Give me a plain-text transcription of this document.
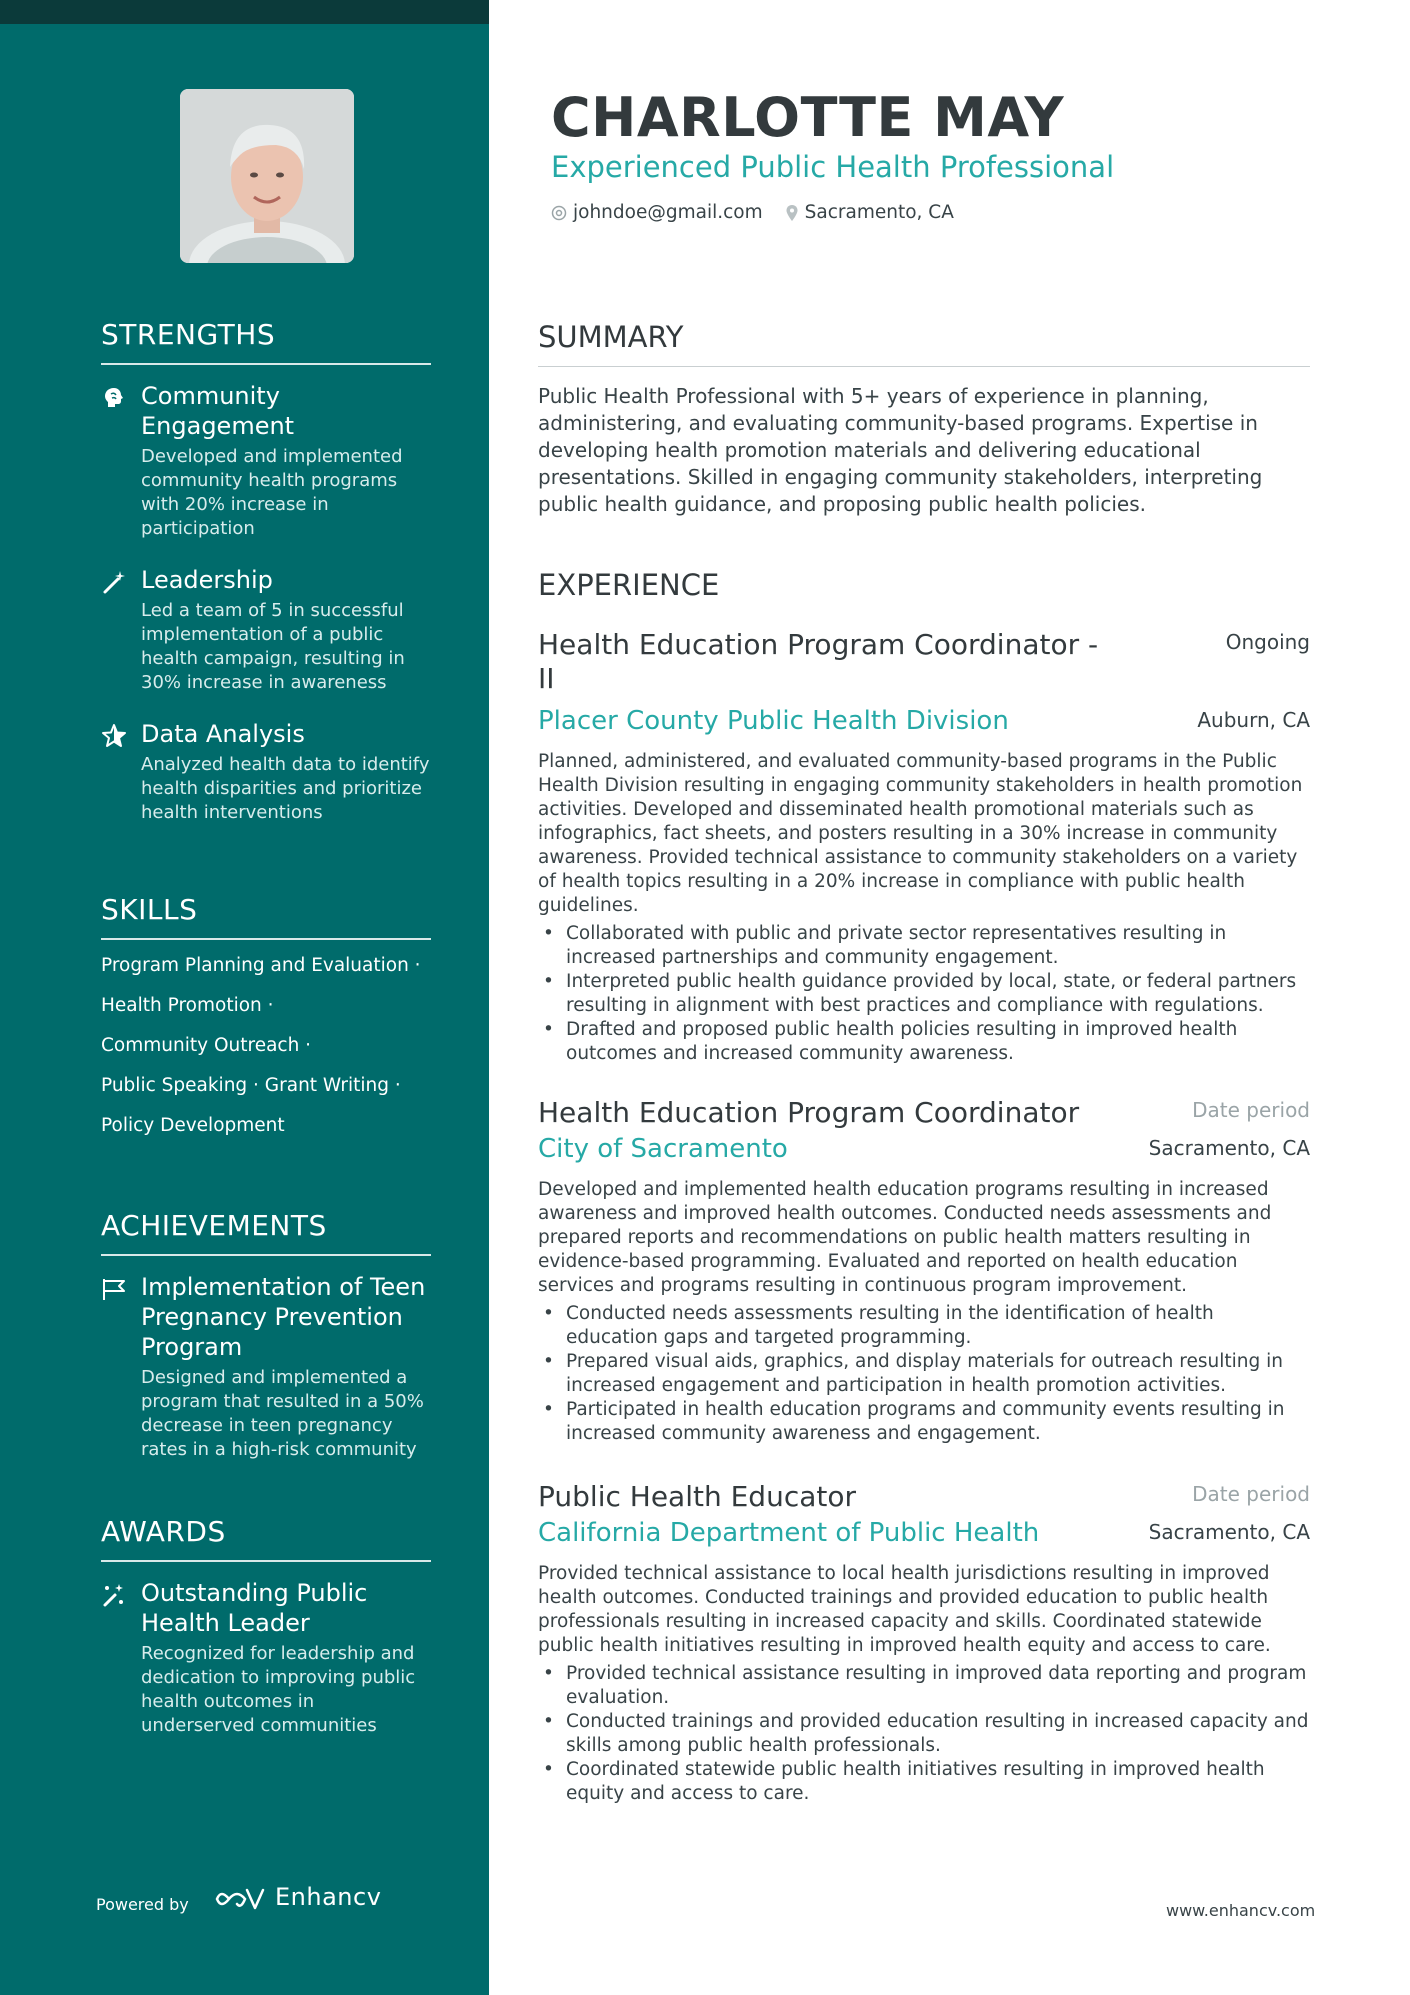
STRENGTHS
Community Engagement
Developed and implemented community health programs with 20% increase in participation
Leadership
Led a team of 5 in successful implementation of a public health campaign, resulting in 30% increase in awareness
Data Analysis
Analyzed health data to identify health disparities and prioritize health interventions
SKILLS
Program Planning and Evaluation ·
Health Promotion ·
Community Outreach ·
Public Speaking · Grant Writing ·
Policy Development
ACHIEVEMENTS
Implementation of Teen Pregnancy Prevention Program
Designed and implemented a program that resulted in a 50% decrease in teen pregnancy rates in a high-risk community
AWARDS
Outstanding Public Health Leader
Recognized for leadership and dedication to improving public health outcomes in underserved communities
Powered by	Enhancv
CHARLOTTE MAY
Experienced Public Health Professional
johndoe@gmail.com Sacramento, CA
SUMMARY
Public Health Professional with 5+ years of experience in planning, administering, and evaluating community-based programs. Expertise in developing health promotion materials and delivering educational presentations. Skilled in engaging community stakeholders, interpreting public health guidance, and proposing public health policies.
EXPERIENCE
Health Education Program Coordinator - II
Ongoing
Placer County Public Health Division	Auburn, CA
Planned, administered, and evaluated community-based programs in the Public Health Division resulting in engaging community stakeholders in health promotion activities. Developed and disseminated health promotional materials such as infographics, fact sheets, and posters resulting in a 30% increase in community awareness. Provided technical assistance to community stakeholders on a variety of health topics resulting in a 20% increase in compliance with public health guidelines.
• Collaborated with public and private sector representatives resulting in increased partnerships and community engagement.
• Interpreted public health guidance provided by local, state, or federal partners resulting in alignment with best practices and compliance with regulations.
• Drafted and proposed public health policies resulting in improved health outcomes and increased community awareness.
Health Education Program Coordinator	Date period
City of Sacramento	Sacramento, CA
Developed and implemented health education programs resulting in increased awareness and improved health outcomes. Conducted needs assessments and prepared reports and recommendations on public health matters resulting in evidence-based programming. Evaluated and reported on health education services and programs resulting in continuous program improvement.
• Conducted needs assessments resulting in the identification of health education gaps and targeted programming.
• Prepared visual aids, graphics, and display materials for outreach resulting in increased engagement and participation in health promotion activities.
• Participated in health education programs and community events resulting in increased community awareness and engagement.
Public Health Educator	Date period
California Department of Public Health	Sacramento, CA
Provided technical assistance to local health jurisdictions resulting in improved health outcomes. Conducted trainings and provided education to public health professionals resulting in increased capacity and skills. Coordinated statewide public health initiatives resulting in improved health equity and access to care.
• Provided technical assistance resulting in improved data reporting and program evaluation.
• Conducted trainings and provided education resulting in increased capacity and skills among public health professionals.
• Coordinated statewide public health initiatives resulting in improved health equity and access to care.
www.enhancv.com
